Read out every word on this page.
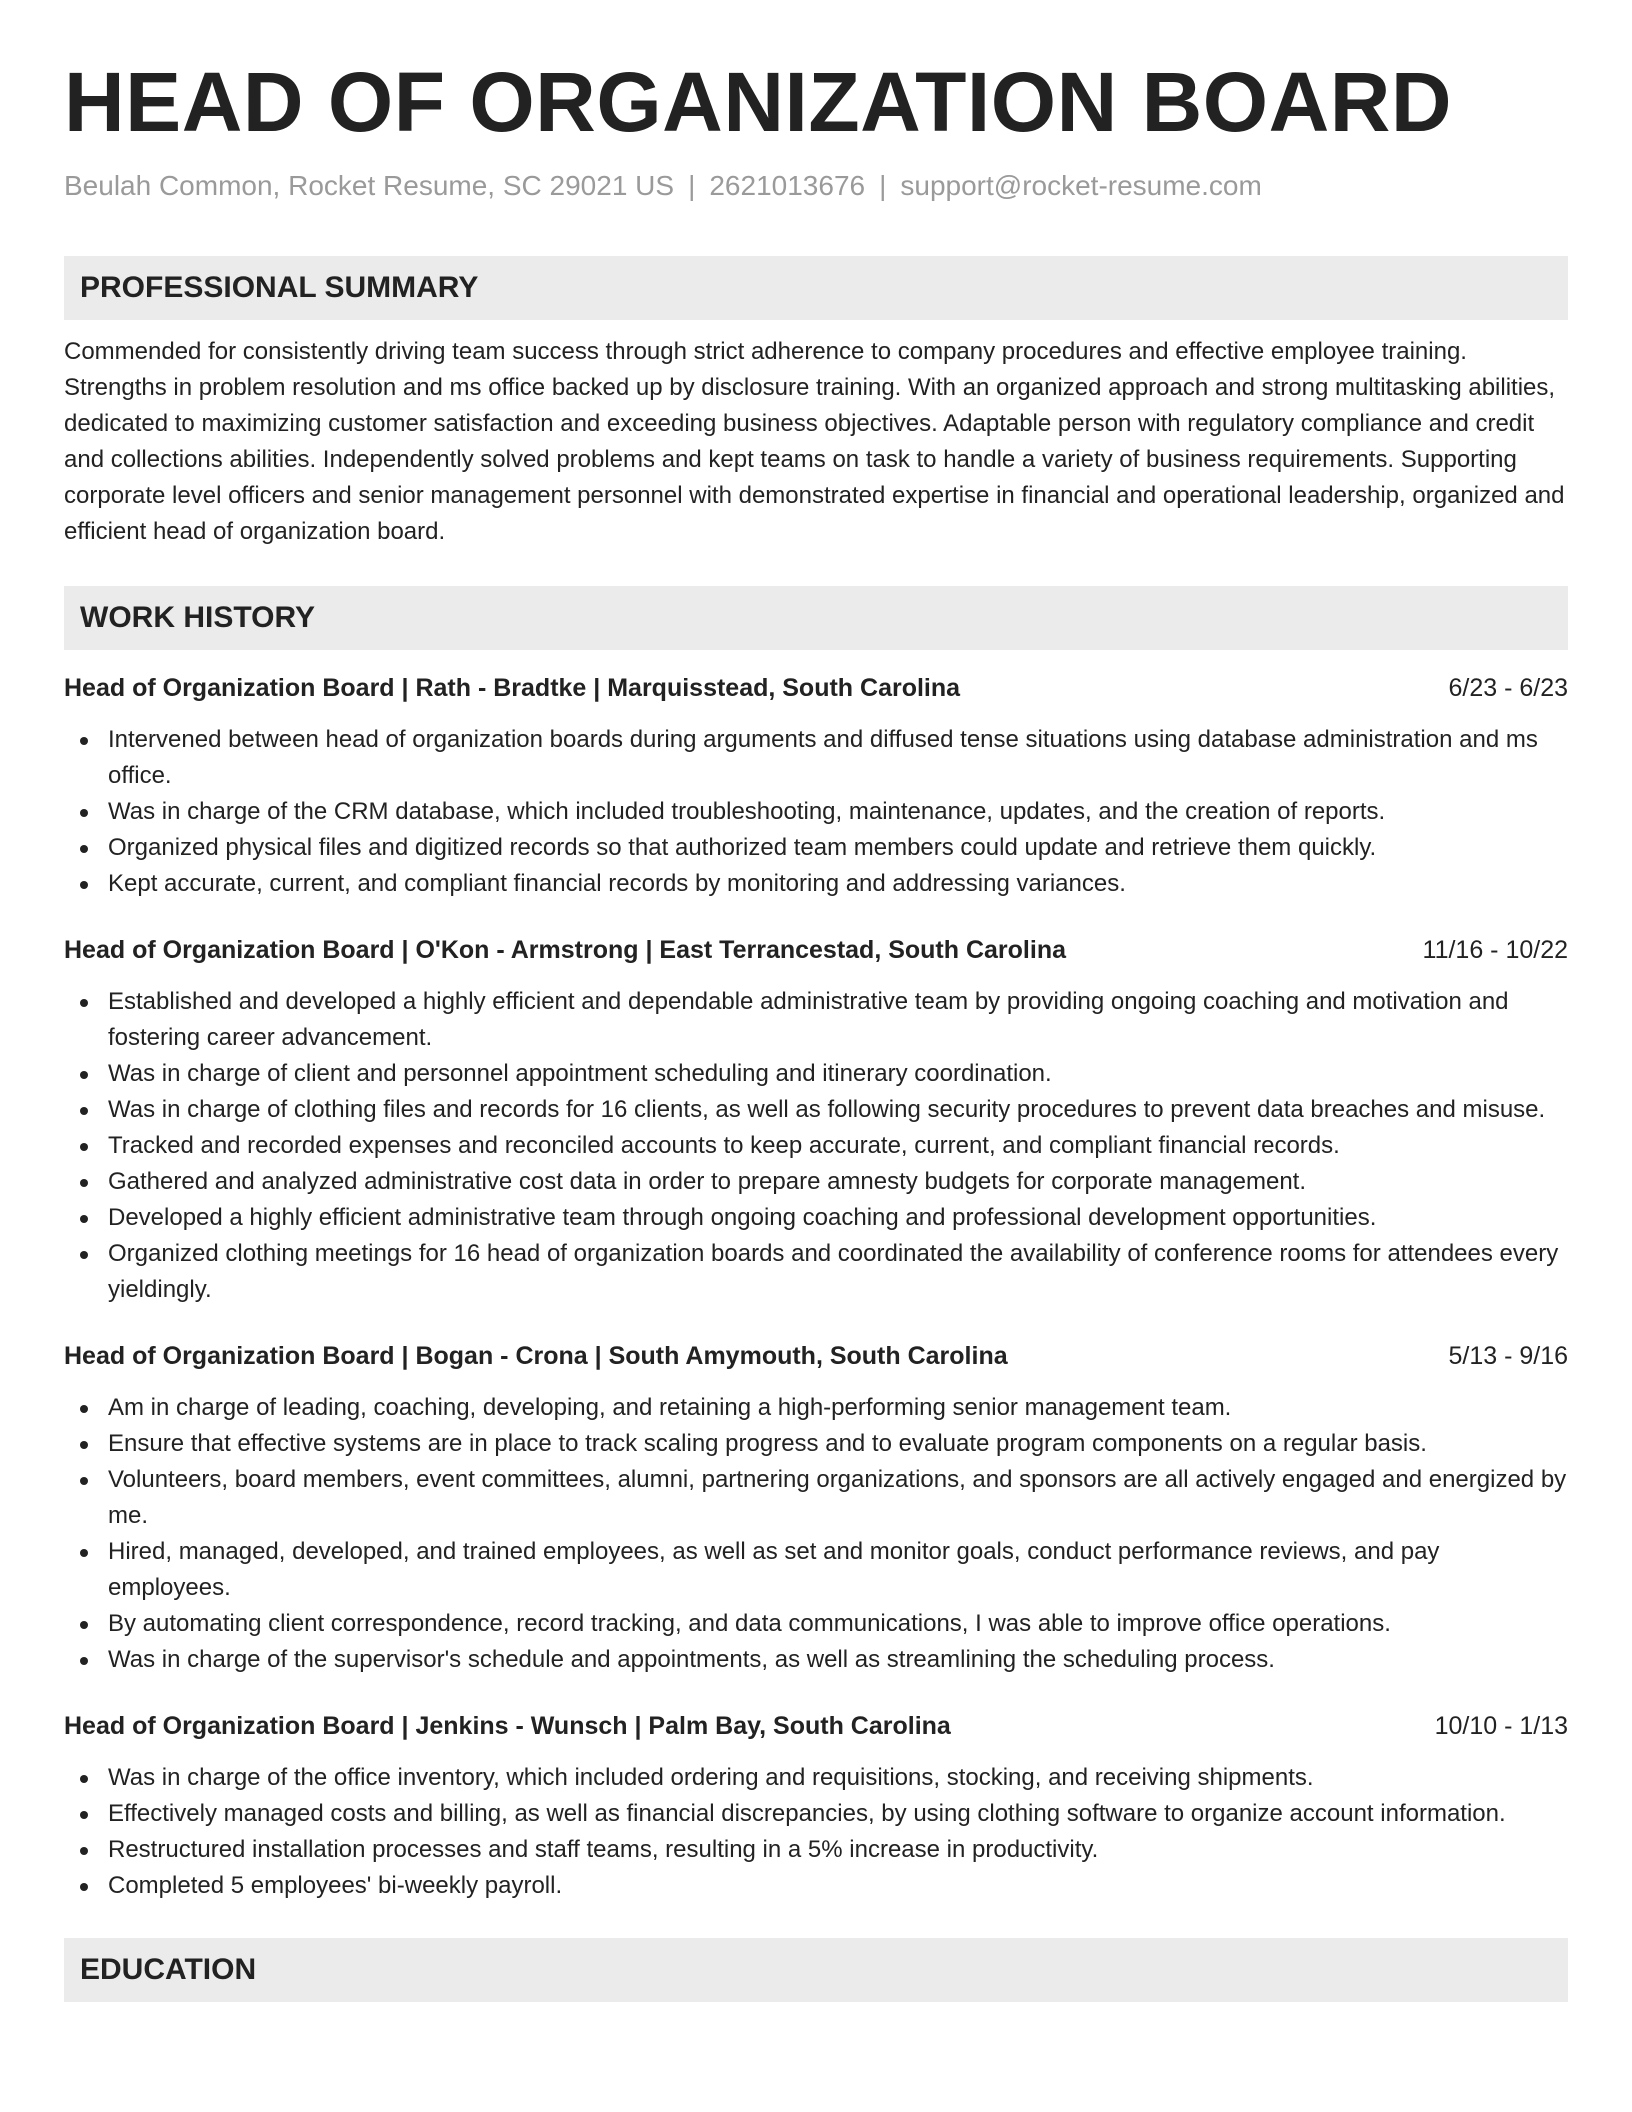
HEAD OF ORGANIZATION BOARD
Beulah Common, Rocket Resume, SC 29021 US | 2621013676 | support@rocket-resume.com
PROFESSIONAL SUMMARY

Commended for consistently driving team success through strict adherence to company procedures and effective employee training. Strengths in problem resolution and ms office backed up by disclosure training. With an organized approach and strong multitasking abilities, dedicated to maximizing customer satisfaction and exceeding business objectives. Adaptable person with regulatory compliance and credit and collections abilities. Independently solved problems and kept teams on task to handle a variety of business requirements. Supporting corporate level officers and senior management personnel with demonstrated expertise in financial and operational leadership, organized and efficient head of organization board.

WORK HISTORY
Head of Organization Board | Rath - Bradtke | Marquisstead, South Carolina	6/23 - 6/23
Intervened between head of organization boards during arguments and diffused tense situations using database administration and ms office.
Was in charge of the CRM database, which included troubleshooting, maintenance, updates, and the creation of reports.
Organized physical files and digitized records so that authorized team members could update and retrieve them quickly.
Kept accurate, current, and compliant financial records by monitoring and addressing variances.
Head of Organization Board | O'Kon - Armstrong | East Terrancestad, South Carolina	11/16 - 10/22
Established and developed a highly efficient and dependable administrative team by providing ongoing coaching and motivation and fostering career advancement.
Was in charge of client and personnel appointment scheduling and itinerary coordination.
Was in charge of clothing files and records for 16 clients, as well as following security procedures to prevent data breaches and misuse.
Tracked and recorded expenses and reconciled accounts to keep accurate, current, and compliant financial records.
Gathered and analyzed administrative cost data in order to prepare amnesty budgets for corporate management.
Developed a highly efficient administrative team through ongoing coaching and professional development opportunities.
Organized clothing meetings for 16 head of organization boards and coordinated the availability of conference rooms for attendees every yieldingly.
Head of Organization Board | Bogan - Crona | South Amymouth, South Carolina	5/13 - 9/16
Am in charge of leading, coaching, developing, and retaining a high-performing senior management team.
Ensure that effective systems are in place to track scaling progress and to evaluate program components on a regular basis.
Volunteers, board members, event committees, alumni, partnering organizations, and sponsors are all actively engaged and energized by me.
Hired, managed, developed, and trained employees, as well as set and monitor goals, conduct performance reviews, and pay employees.
By automating client correspondence, record tracking, and data communications, I was able to improve office operations.
Was in charge of the supervisor's schedule and appointments, as well as streamlining the scheduling process.
Head of Organization Board | Jenkins - Wunsch | Palm Bay, South Carolina	10/10 - 1/13
Was in charge of the office inventory, which included ordering and requisitions, stocking, and receiving shipments.
Effectively managed costs and billing, as well as financial discrepancies, by using clothing software to organize account information.
Restructured installation processes and staff teams, resulting in a 5% increase in productivity.
Completed 5 employees' bi-weekly payroll.
EDUCATION
